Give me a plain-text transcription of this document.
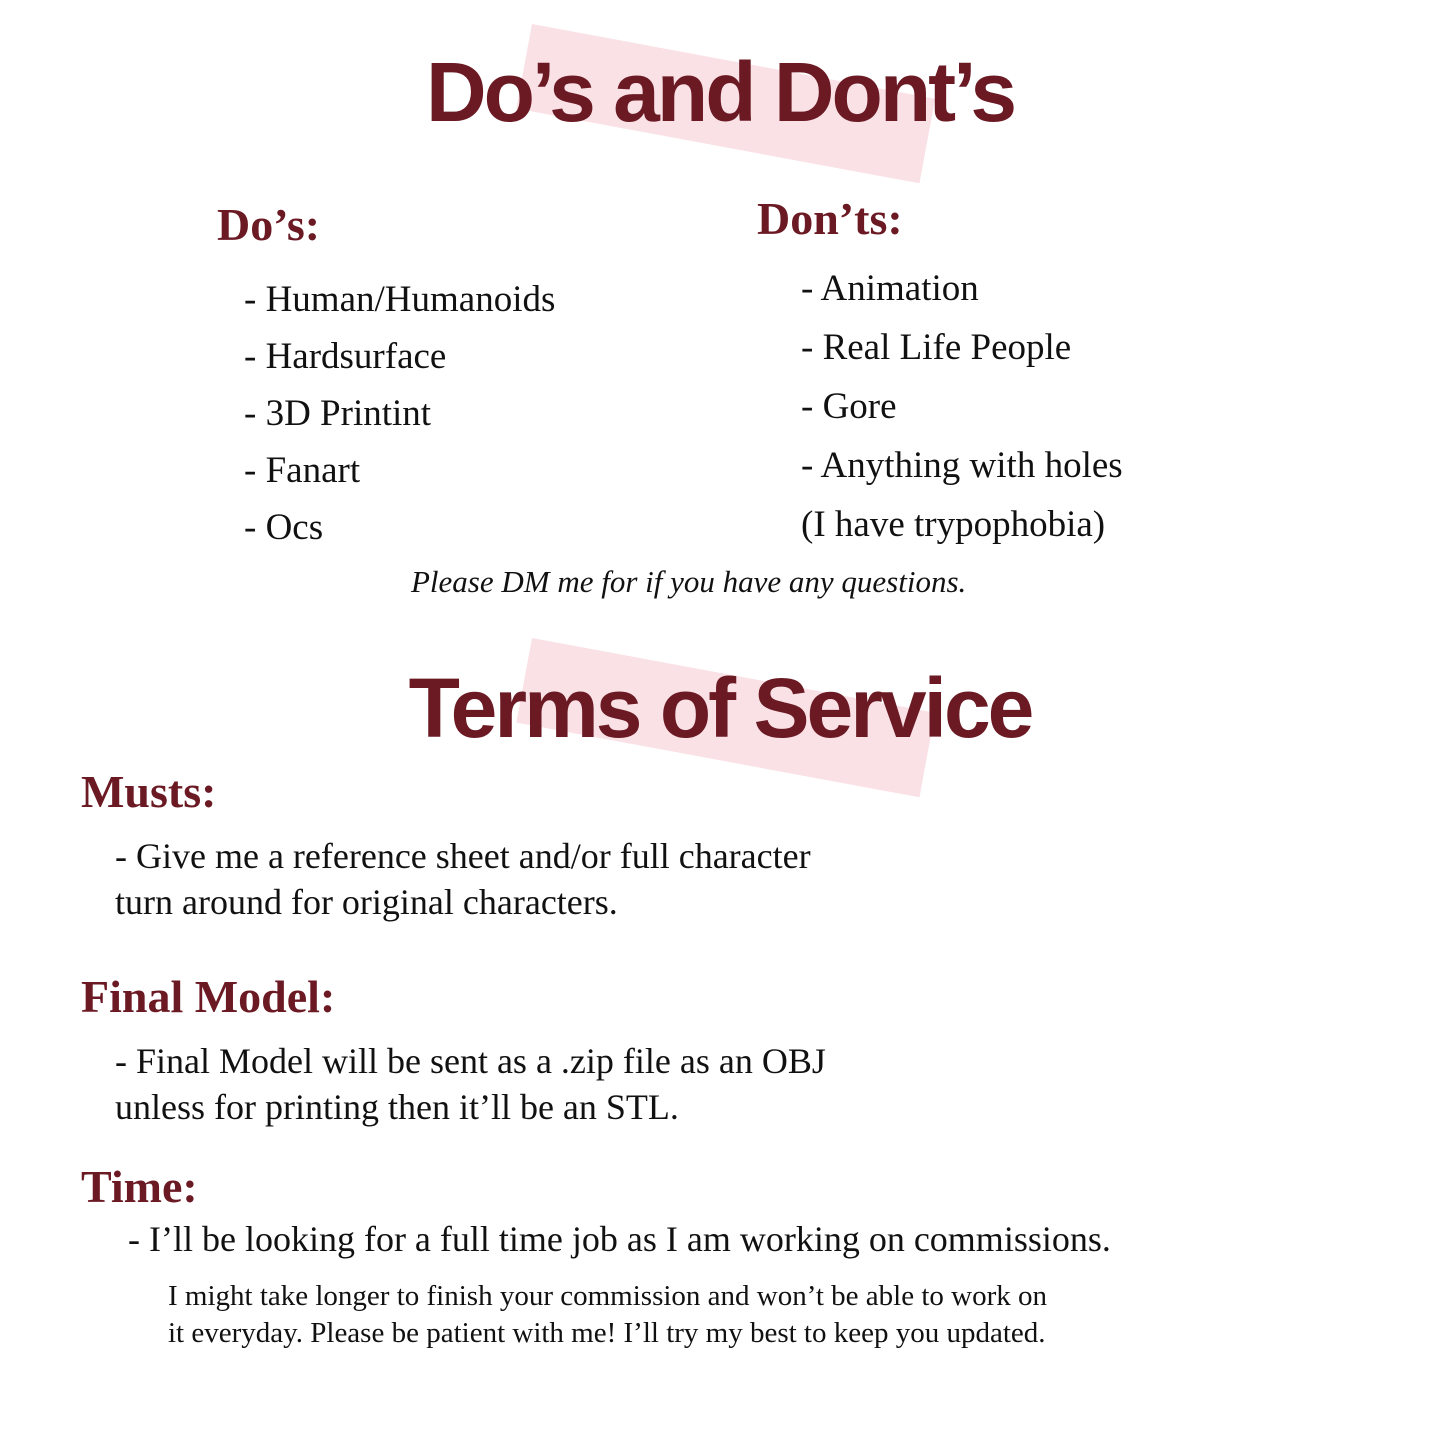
Do’s and Dont’s
Do’s:
- Human/Humanoids
- Hardsurface
- 3D Printint
- Fanart
- Ocs
Don’ts:
- Animation
- Real Life People
- Gore
- Anything with holes
(I have trypophobia)
Please DM me for if you have any questions.
Terms of Service
Musts:
- Give me a reference sheet and/or full character
turn around for original characters.
Final Model:
- Final Model will be sent as a .zip file as an OBJ
unless for printing then it’ll be an STL.
Time:
- I’ll be looking for a full time job as I am working on commissions.
I might take longer to finish your commission and won’t be able to work on
it everyday. Please be patient with me! I’ll try my best to keep you updated.
